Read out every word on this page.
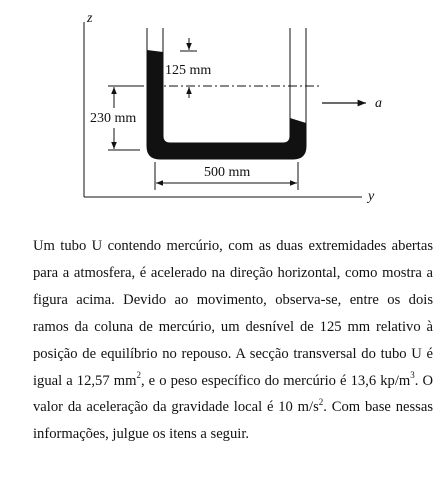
z
y
a
125 mm
230 mm
500 mm

Um tubo U contendo mercúrio, com as duas extremidades abertas para a atmosfera, é acelerado na direção horizontal, como mostra a figura acima. Devido ao movimento, observa-se, entre os dois ramos da coluna de mercúrio, um desnível de 125 mm relativo à posição de equilíbrio no repouso. A secção transversal do tubo U é igual a 12,57 $mm^2$, e o peso específico do mercúrio é 13,6 $kp/m^3$. O valor da aceleração da gravidade local é 10 $m/s^2$. Com base nessas informações, julgue os itens a seguir.
